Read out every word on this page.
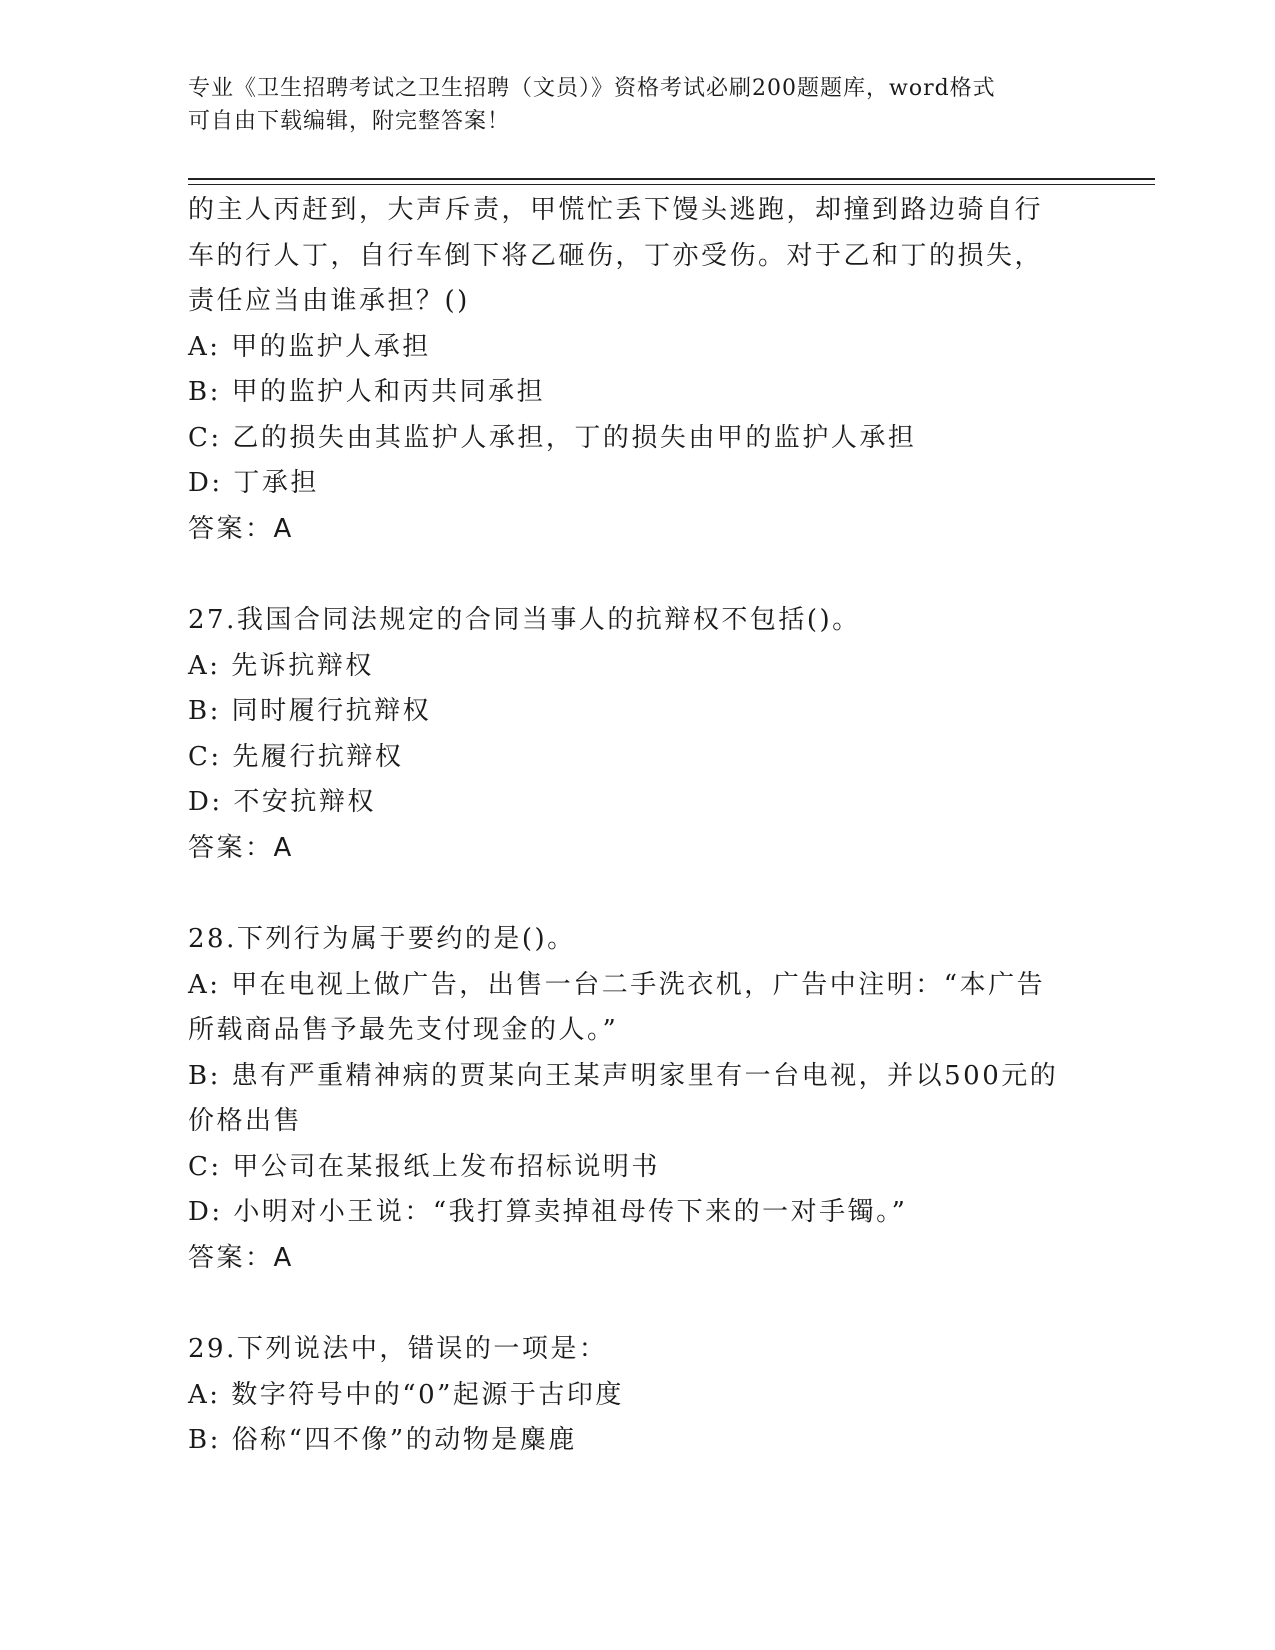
专业《卫生招聘考试之卫生招聘（文员）》资格考试必刷200题题库，word格式
可自由下载编辑，附完整答案！
的主人丙赶到，大声斥责，甲慌忙丢下馒头逃跑，却撞到路边骑自行
车的行人丁，自行车倒下将乙砸伤，丁亦受伤。对于乙和丁的损失，
责任应当由谁承担？()
A: 甲的监护人承担
B: 甲的监护人和丙共同承担
C: 乙的损失由其监护人承担，丁的损失由甲的监护人承担
D: 丁承担
答案：A
27.我国合同法规定的合同当事人的抗辩权不包括()。
A: 先诉抗辩权
B: 同时履行抗辩权
C: 先履行抗辩权
D: 不安抗辩权
答案：A
28.下列行为属于要约的是()。
A: 甲在电视上做广告，出售一台二手洗衣机，广告中注明：“本广告
所载商品售予最先支付现金的人。”
B: 患有严重精神病的贾某向王某声明家里有一台电视，并以500元的
价格出售
C: 甲公司在某报纸上发布招标说明书
D: 小明对小王说：“我打算卖掉祖母传下来的一对手镯。”
答案：A
29.下列说法中，错误的一项是：
A: 数字符号中的“0”起源于古印度
B: 俗称“四不像”的动物是麋鹿
